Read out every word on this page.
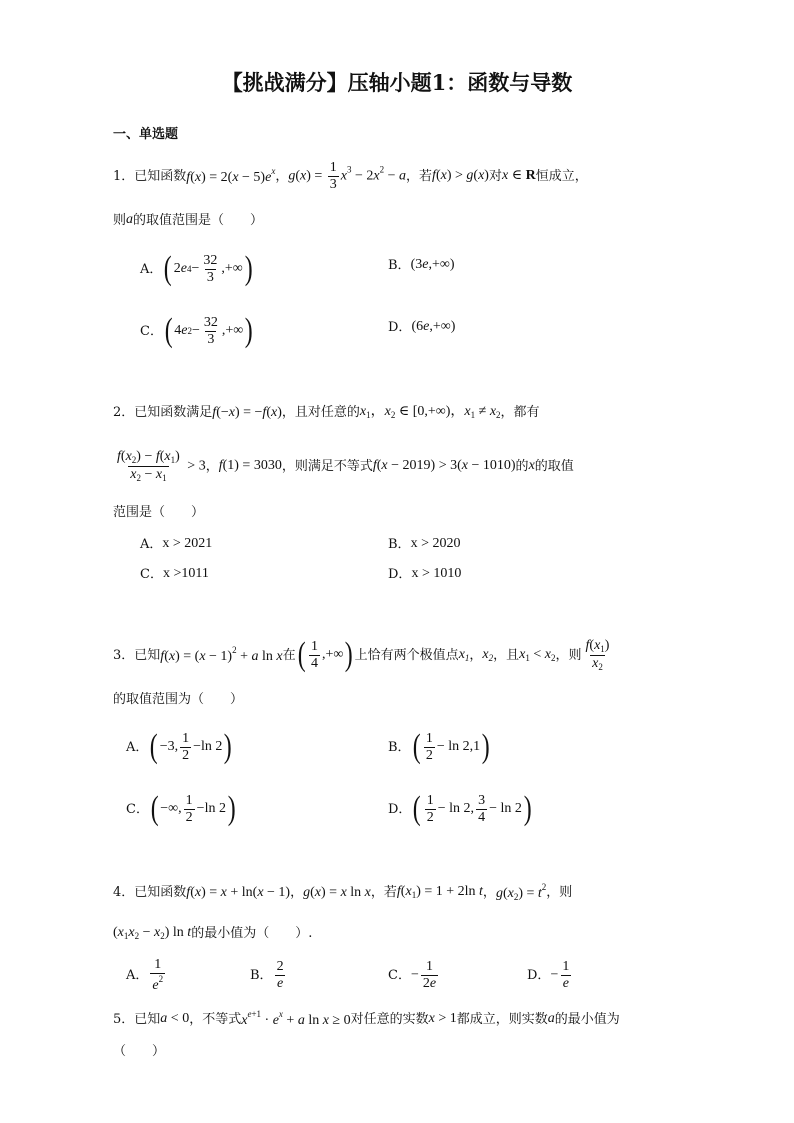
【挑战满分】压轴小题1：函数与导数
一、单选题
1． 已知函数 $f(x) = 2(x - 5)e^x$ ， $g(x) = \frac{1}{3} x^3 - 2x^2 - a$ ，若 f(x) > g(x) 对 x ∈ R 恒成立，
则 a 的取值范围是（　　）
A． ( 2 e $4 - \frac{32}{3}$ ,+∞ )	B． (3e,+∞)
C． ( 4 e $2 - \frac{32}{3}$ ,+∞ )	D． (6e,+∞)
2． 已知函数满足 f(−x) = −f(x) ，且对任意的 $x_1$，$x_2$ ∈ [0,+∞)，$x_1 \ne x_2$ ，都有
$\frac{f(x_2) - f(x_1)}{x_2 - x_1} > 3$ ， f(1) = 3030 ，则满足不等式 f(x − 2019) > 3(x − 1010) 的 x 的取值
范围是（　　）
A． x > 2021	B． x > 2020
C． x >1011	D． x > 1010
3． 已知 $f(x) = (x - 1)^2 + a$ ln x 在 ( $\frac{1}{4}$ ,+∞ ) 上恰有两个极值点 $x_1$ ， $x_2$ ，且 $x_1 < x_2$ ，则 $\frac{f(x_1)}{x_2}$
的取值范围为（　　）
A． ( −3, $\frac{1}{2} -\ln$ 2 )	B． ( $\frac{1}{2} - \ln 2,1$ )
C． ( −∞, $\frac{1}{2} -\ln$ 2 )	D． ( $\frac{1}{2} - \ln 2$, $\frac{3}{4} - \ln 2$ )
4． 已知函数 f(x) = x + ln(x − 1) ， g(x) = x ln x ，若 $f(x_1) = 1 + 2\ln$ t ， $g(x_2) = t^2$ ，则
$(x_1x_2 - x_2)$ ln t 的最小值为（　　）.
A． $\frac{1}{e^2}$	B． $\frac{2}{e}$	C． − $\frac{1}{2e}$	D． − $\frac{1}{e}$
5． 已知 a < 0 ，不等式 $x^{e+1} \cdot e^x + a$ ln x ≥ 0 对任意的实数 x > 1 都成立，则实数 a 的最小值为
（　　）
